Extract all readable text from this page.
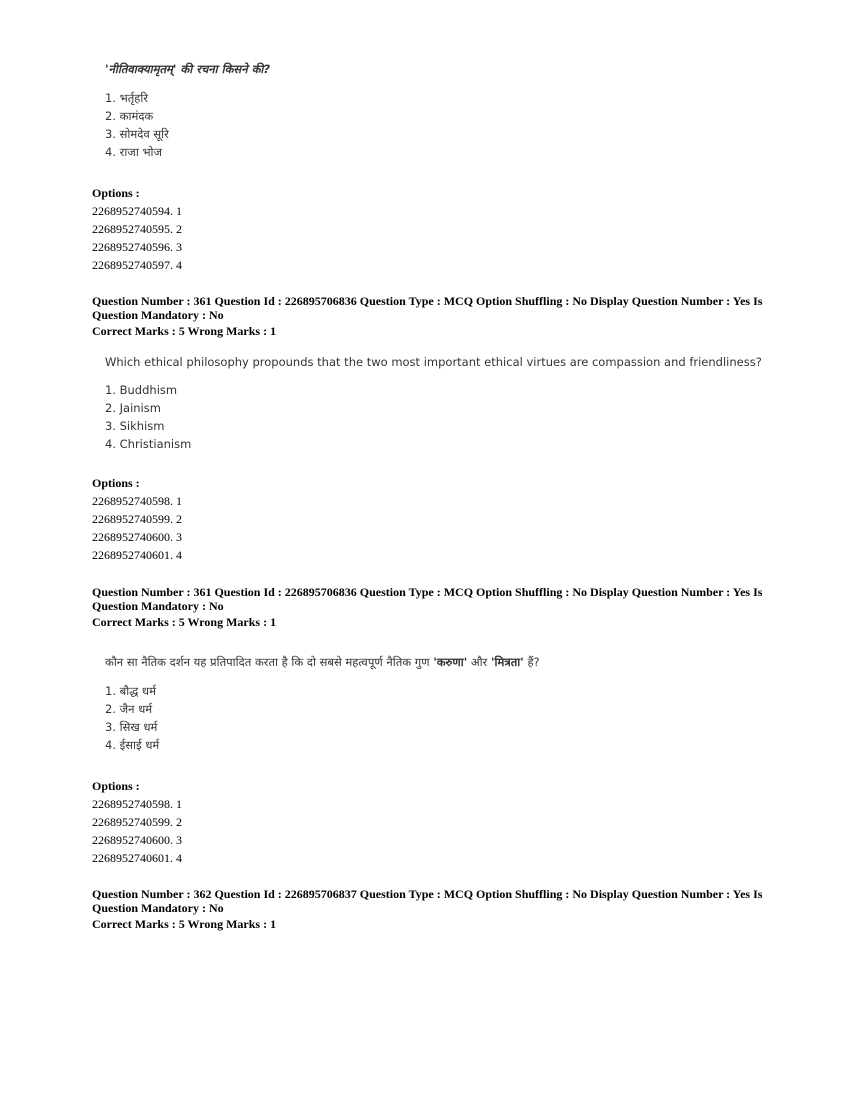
'नीतिवाक्यामृतम्' की रचना किसने की?

1. भर्तृहरि

2. कामंदक

3. सोमदेव सूरि

4. राजा भोज

Options :

2268952740594. 1

2268952740595. 2

2268952740596. 3

2268952740597. 4

Question Number : 361 Question Id : 226895706836 Question Type : MCQ Option Shuffling : No Display Question Number : Yes Is Question Mandatory : No

Correct Marks : 5 Wrong Marks : 1

Which ethical philosophy propounds that the two most important ethical virtues are compassion and friendliness?

1. Buddhism

2. Jainism

3. Sikhism

4. Christianism

Options :

2268952740598. 1

2268952740599. 2

2268952740600. 3

2268952740601. 4

Question Number : 361 Question Id : 226895706836 Question Type : MCQ Option Shuffling : No Display Question Number : Yes Is Question Mandatory : No

Correct Marks : 5 Wrong Marks : 1

कौन सा नैतिक दर्शन यह प्रतिपादित करता है कि दो सबसे महत्वपूर्ण नैतिक गुण 'करुणा' और 'मित्रता' हैं?

1. बौद्ध धर्म

2. जैन धर्म

3. सिख धर्म

4. ईसाई धर्म

Options :

2268952740598. 1

2268952740599. 2

2268952740600. 3

2268952740601. 4

Question Number : 362 Question Id : 226895706837 Question Type : MCQ Option Shuffling : No Display Question Number : Yes Is Question Mandatory : No

Correct Marks : 5 Wrong Marks : 1
